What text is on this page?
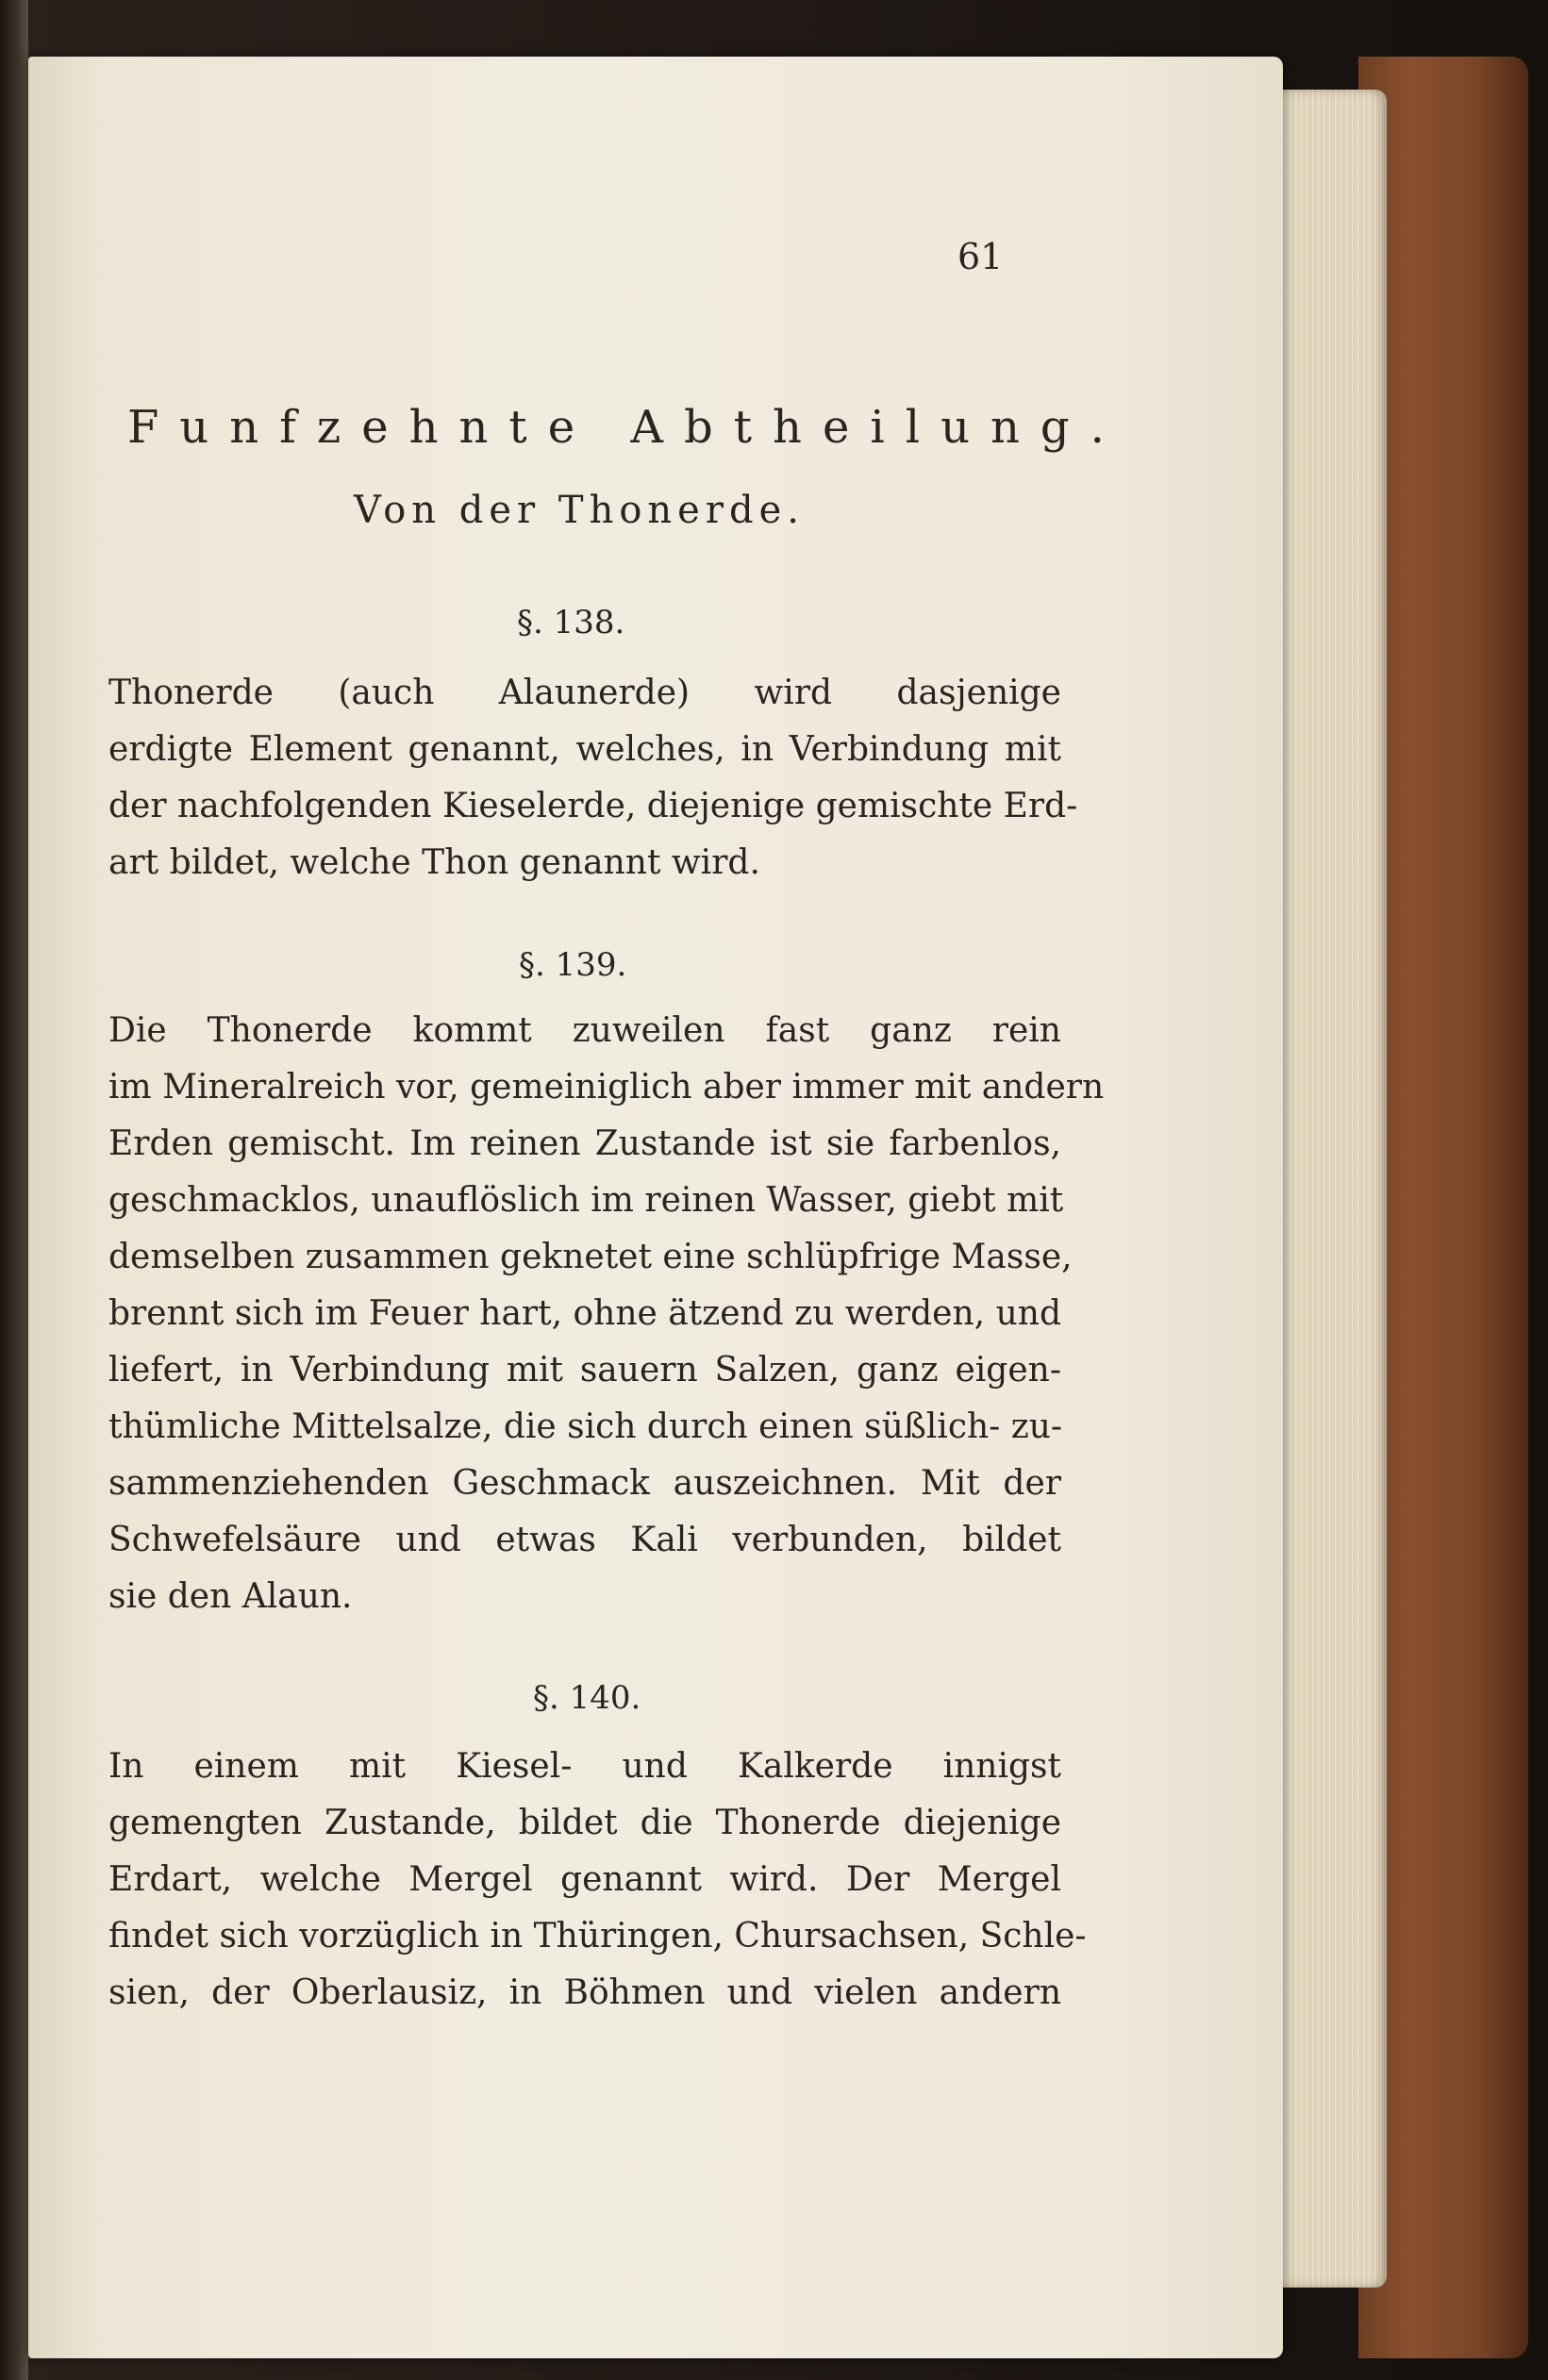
61
Funfzehnte Abtheilung.
Von der Thonerde.
§. 138.
Thonerde (auch Alaunerde) wird dasjenige
erdigte Element genannt, welches, in Verbindung mit
der nachfolgenden Kieselerde, diejenige gemischte Erd-
art bildet, welche Thon genannt wird.
§. 139.
Die Thonerde kommt zuweilen fast ganz rein
im Mineralreich vor, gemeiniglich aber immer mit andern
Erden gemischt. Im reinen Zustande ist sie farbenlos,
geschmacklos, unauflöslich im reinen Wasser, giebt mit
demselben zusammen geknetet eine schlüpfrige Masse,
brennt sich im Feuer hart, ohne ätzend zu werden, und
liefert, in Verbindung mit sauern Salzen, ganz eigen-
thümliche Mittelsalze, die sich durch einen süßlich- zu-
sammenziehenden Geschmack auszeichnen. Mit der
Schwefelsäure und etwas Kali verbunden, bildet
sie den Alaun.
§. 140.
In einem mit Kiesel- und Kalkerde innigst
gemengten Zustande, bildet die Thonerde diejenige
Erdart, welche Mergel genannt wird. Der Mergel
findet sich vorzüglich in Thüringen, Chursachsen, Schle-
sien, der Oberlausiz, in Böhmen und vielen andern
